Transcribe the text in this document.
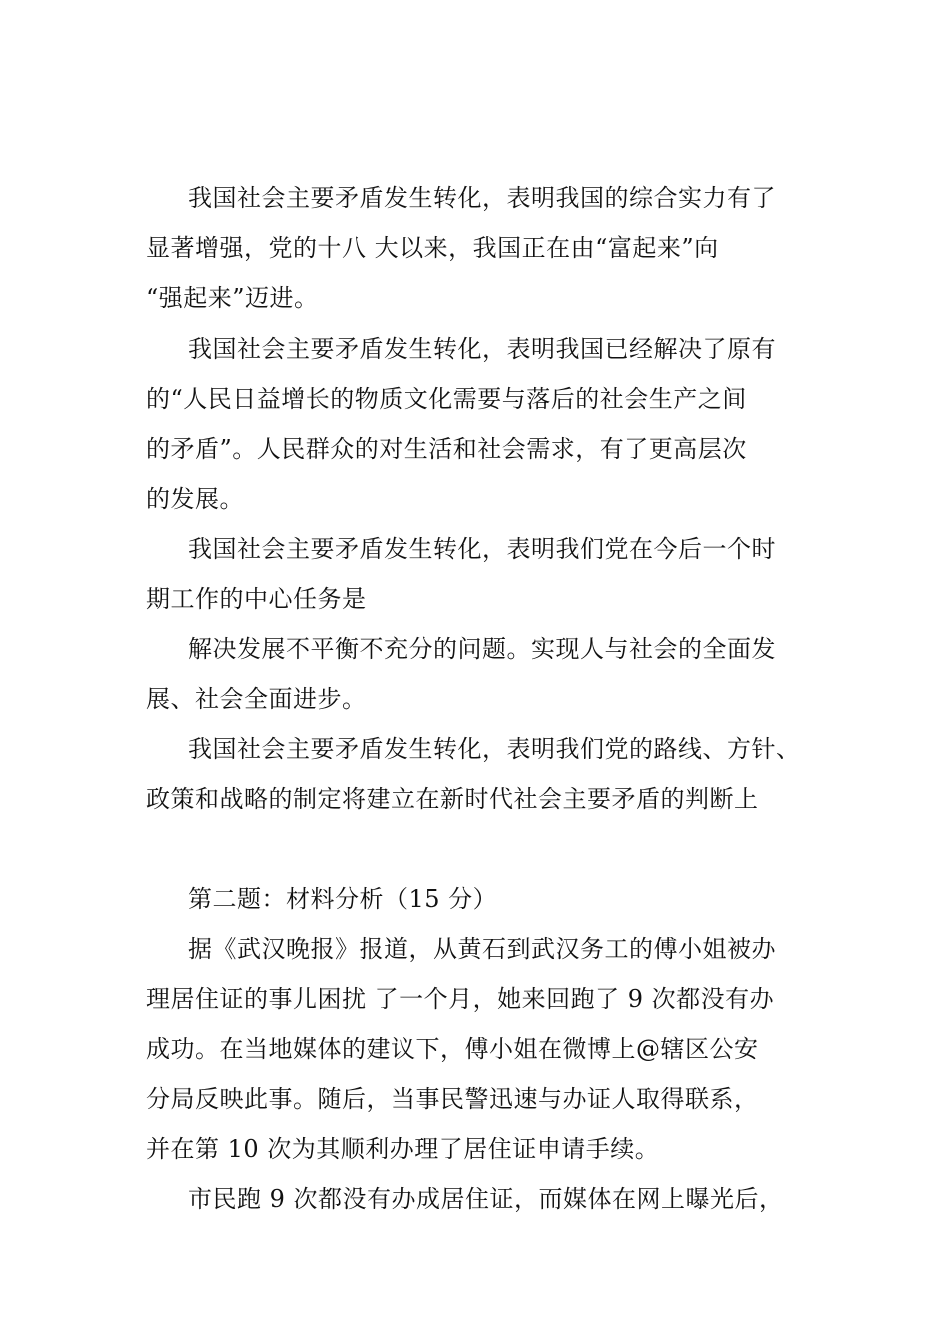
我国社会主要矛盾发生转化，表明我国的综合实力有了
显著增强，党的十八 大以来，我国正在由“富起来”向
“强起来”迈进。
我国社会主要矛盾发生转化，表明我国已经解决了原有
的“人民日益增长的物质文化需要与落后的社会生产之间
的矛盾”。人民群众的对生活和社会需求，有了更高层次
的发展。
我国社会主要矛盾发生转化，表明我们党在今后一个时
期工作的中心任务是
解决发展不平衡不充分的问题。实现人与社会的全面发
展、社会全面进步。
我国社会主要矛盾发生转化，表明我们党的路线、方针、
政策和战略的制定将建立在新时代社会主要矛盾的判断上
第二题：材料分析（15 分）
据《武汉晚报》报道，从黄石到武汉务工的傅小姐被办
理居住证的事儿困扰 了一个月，她来回跑了 9 次都没有办
成功。在当地媒体的建议下，傅小姐在微博上@辖区公安
分局反映此事。随后，当事民警迅速与办证人取得联系，
并在第 10 次为其顺利办理了居住证申请手续。
市民跑 9 次都没有办成居住证，而媒体在网上曝光后，
